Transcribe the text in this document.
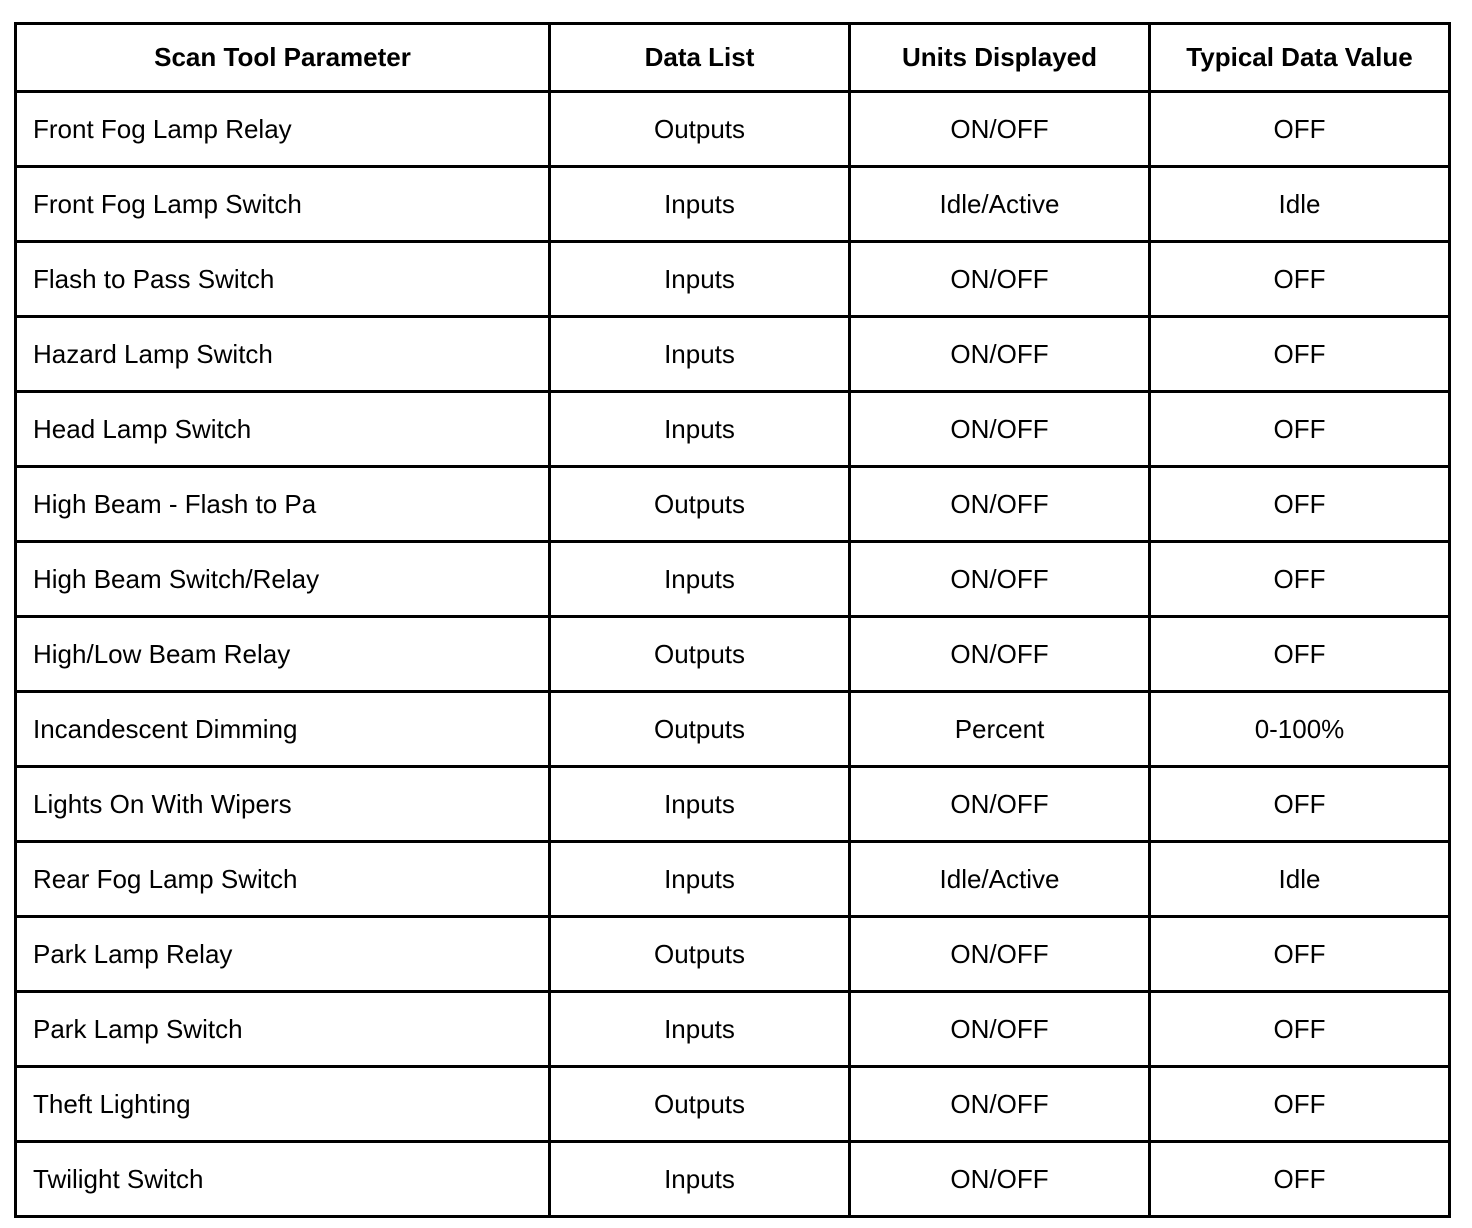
Scan Tool Parameter	Data List	Units Displayed	Typical Data Value
Front Fog Lamp Relay	Outputs	ON/OFF	OFF
Front Fog Lamp Switch	Inputs	Idle/Active	Idle
Flash to Pass Switch	Inputs	ON/OFF	OFF
Hazard Lamp Switch	Inputs	ON/OFF	OFF
Head Lamp Switch	Inputs	ON/OFF	OFF
High Beam - Flash to Pa	Outputs	ON/OFF	OFF
High Beam Switch/Relay	Inputs	ON/OFF	OFF
High/Low Beam Relay	Outputs	ON/OFF	OFF
Incandescent Dimming	Outputs	Percent	0-100%
Lights On With Wipers	Inputs	ON/OFF	OFF
Rear Fog Lamp Switch	Inputs	Idle/Active	Idle
Park Lamp Relay	Outputs	ON/OFF	OFF
Park Lamp Switch	Inputs	ON/OFF	OFF
Theft Lighting	Outputs	ON/OFF	OFF
Twilight Switch	Inputs	ON/OFF	OFF
